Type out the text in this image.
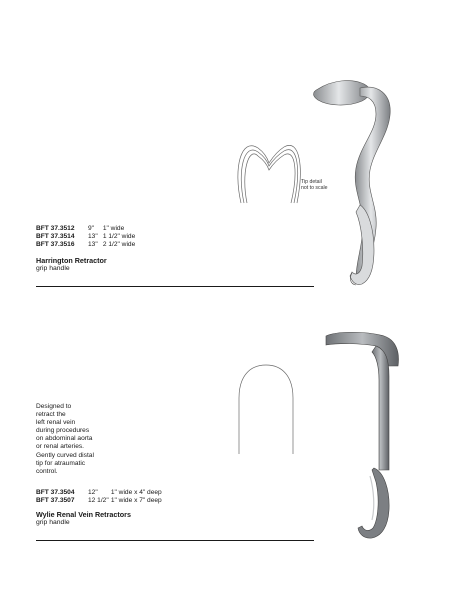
Tip detail
not to scale
BFT 37.3512 9" 1" wide
BFT 37.3514 13" 1 1/2" wide
BFT 37.3516 13" 2 1/2" wide
Harrington Retractor
grip handle
Designed to
retract the
left renal vein
during procedures
on abdominal aorta
or renal arteries.
Gently curved distal
tip for atraumatic
control.
BFT 37.3504 12" 1" wide x 4" deep
BFT 37.3507 12 1/2" 1" wide x 7" deep
Wylie Renal Vein Retractors
grip handle
